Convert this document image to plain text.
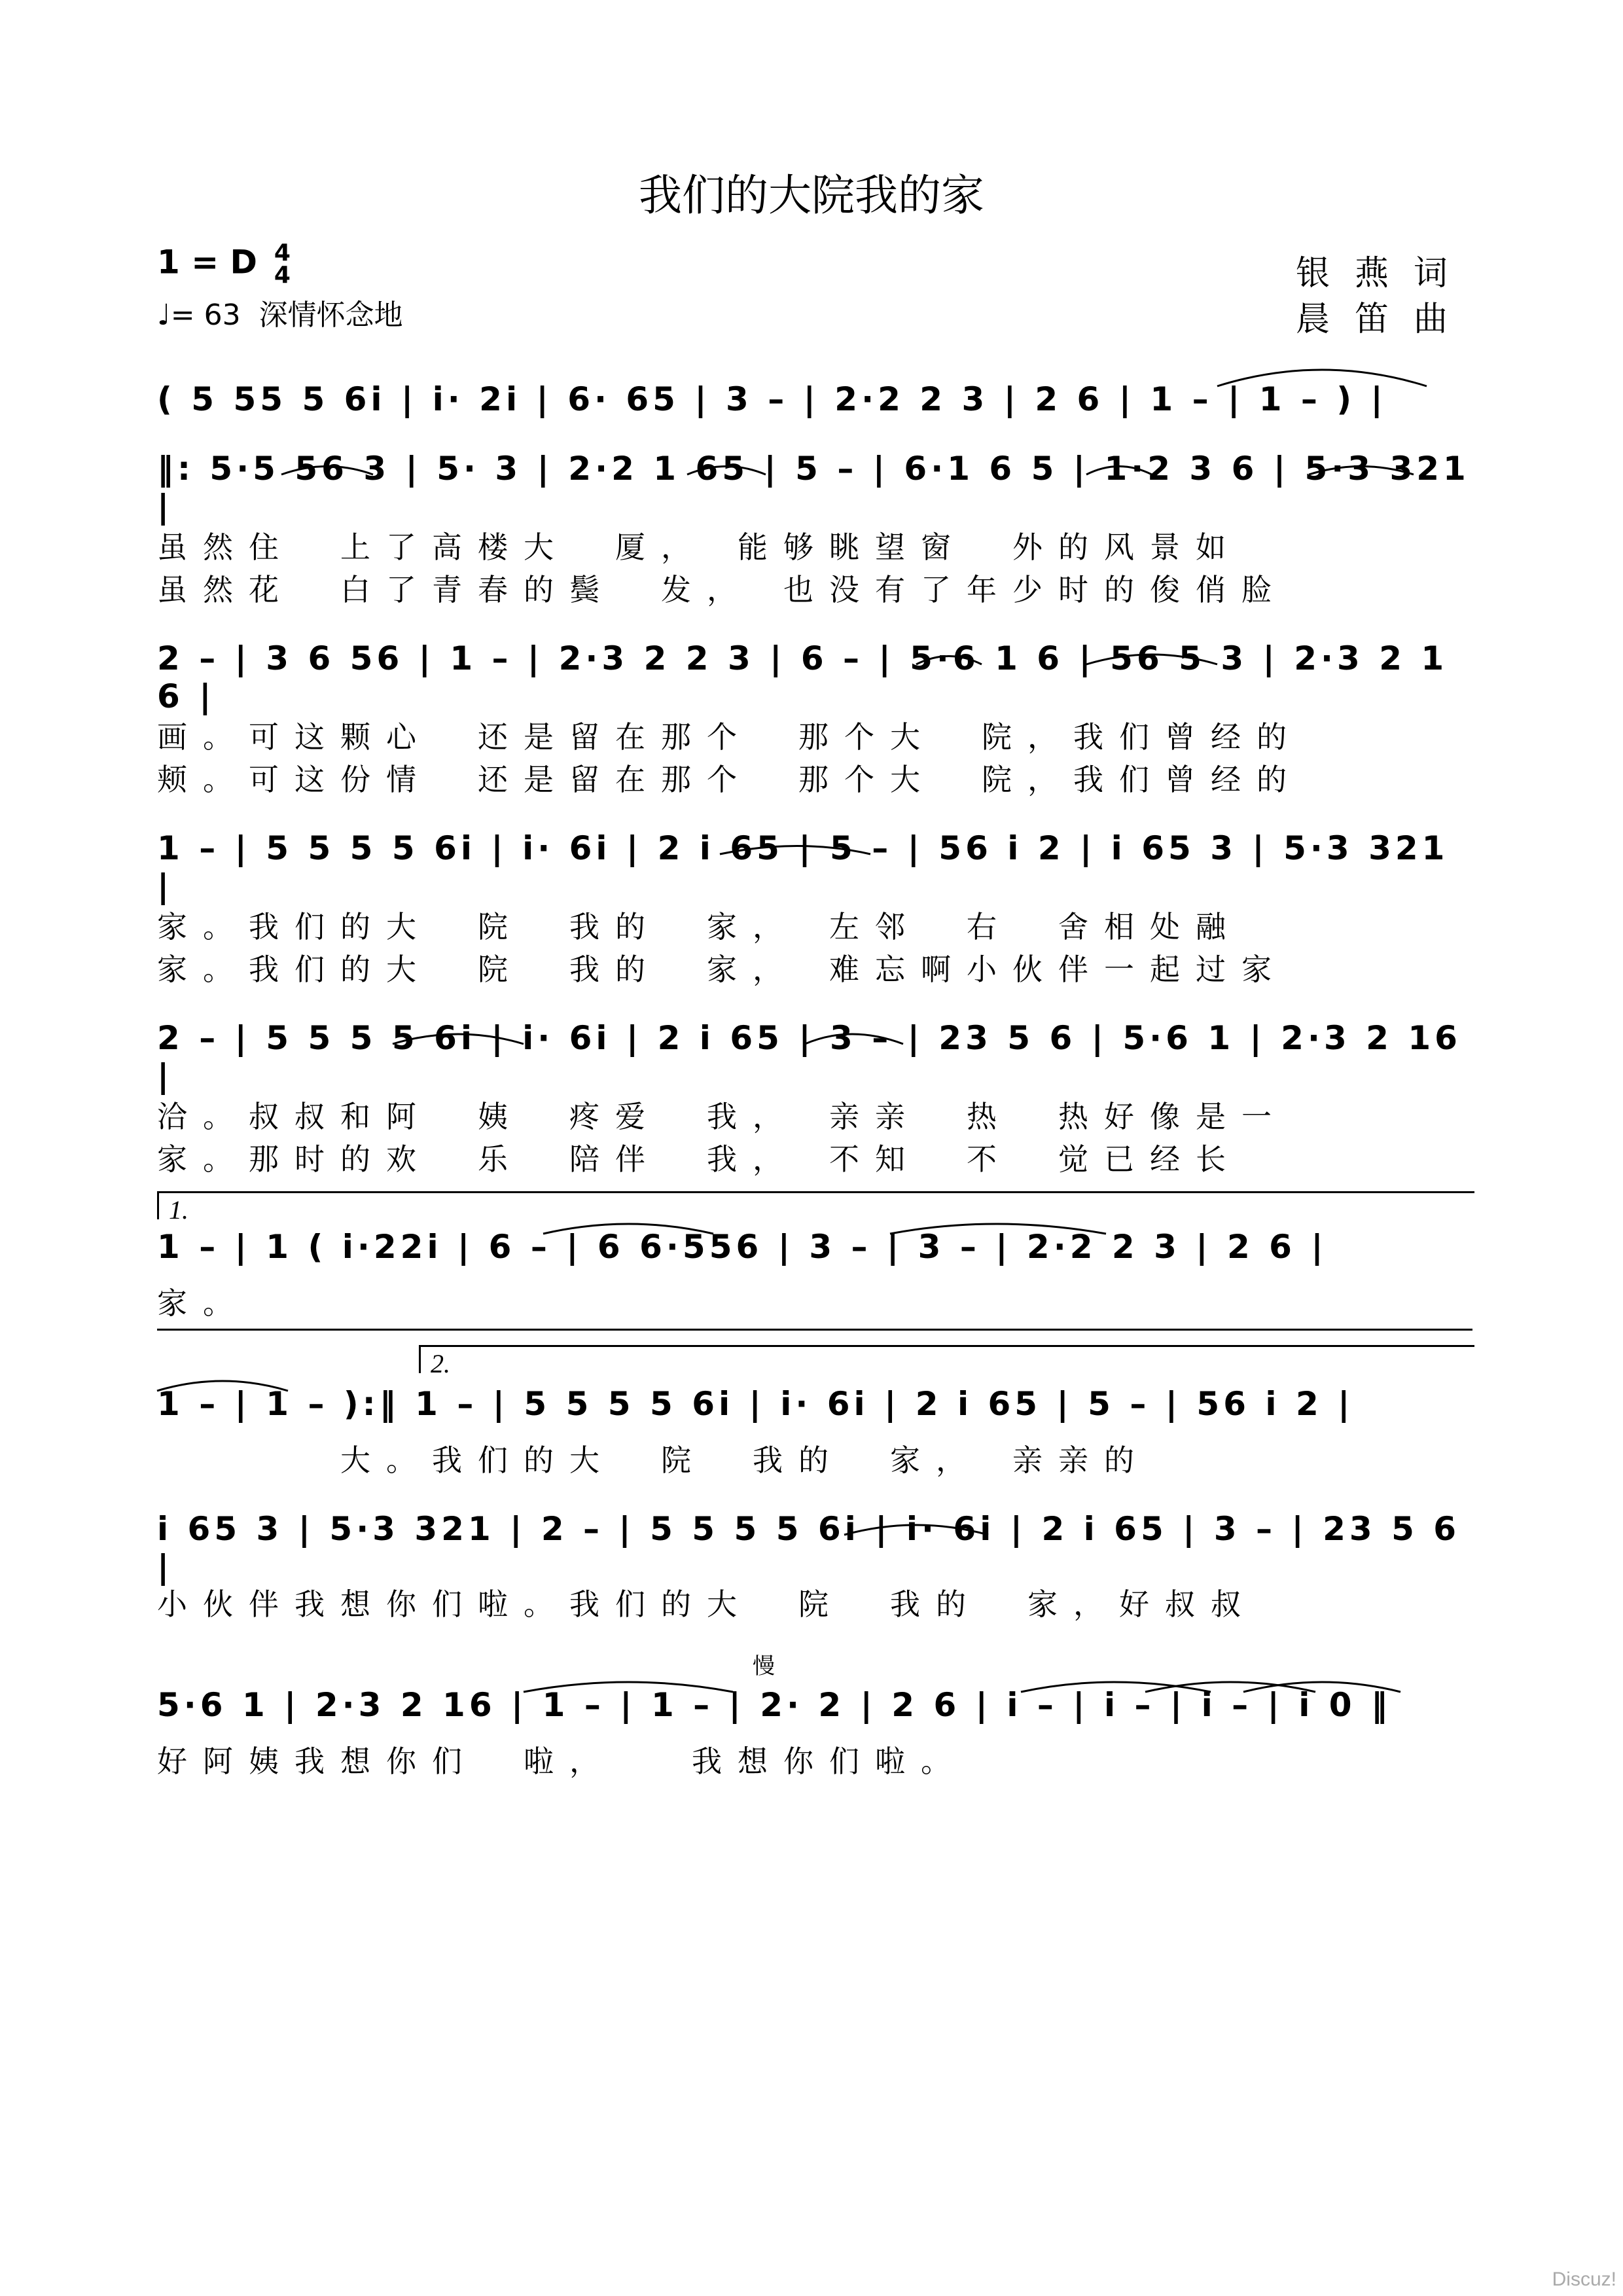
我们的大院我的家
1 = D 4
4
♩= 63 深情怀念地
银燕词
晨笛曲
( 5 55 5 6i | i· 2i | 6· 65 | 3 – | 2·2 2 3 | 2 6 | 1 – | 1 – ) |
‖: 5·5 56 3 | 5· 3 | 2·2 1 65 | 5 – | 6·1 6 5 | 1·2 3 6 | 5·3 321 |
虽然住　上了高楼大　厦，　能够眺望窗　外的风景如
虽然花　白了青春的鬓　发，　也没有了年少时的俊俏脸
2 – | 3 6 56 | 1 – | 2·3 2 2 3 | 6 – | 5·6 1 6 | 56 5 3 | 2·3 2 1 6 |
画。可这颗心　还是留在那个　那个大　院，我们曾经的
颊。可这份情　还是留在那个　那个大　院，我们曾经的
1 – | 5 5 5 5 6i | i· 6i | 2 i 65 | 5 – | 56 i 2 | i 65 3 | 5·3 321 |
家。我们的大　院　我的　家，　左邻　右　舍相处融
家。我们的大　院　我的　家，　难忘啊小伙伴一起过家
2 – | 5 5 5 5 6i | i· 6i | 2 i 65 | 3 – | 23 5 6 | 5·6 1 | 2·3 2 16 |
洽。叔叔和阿　姨　疼爱　我，　亲亲　热　热好像是一
家。那时的欢　乐　陪伴　我，　不知　不　觉已经长
1.
1 – | 1 ( i·22i | 6 – | 6 6·556 | 3 – | 3 – | 2·2 2 3 | 2 6 |
家。
2.
1 – | 1 – ):‖ 1 – | 5 5 5 5 6i | i· 6i | 2 i 65 | 5 – | 56 i 2 |
　　　　大。我们的大　院　我的　家，　亲亲的
i 65 3 | 5·3 321 | 2 – | 5 5 5 5 6i | i· 6i | 2 i 65 | 3 – | 23 5 6 |
小伙伴我想你们啦。我们的大　院　我的　家，好叔叔
慢
5·6 1 | 2·3 2 16 | 1 – | 1 – | 2· 2 | 2 6 | i – | i – | i – | i 0 ‖
好阿姨我想你们　啦，　　我想你们啦。
Discuz!
